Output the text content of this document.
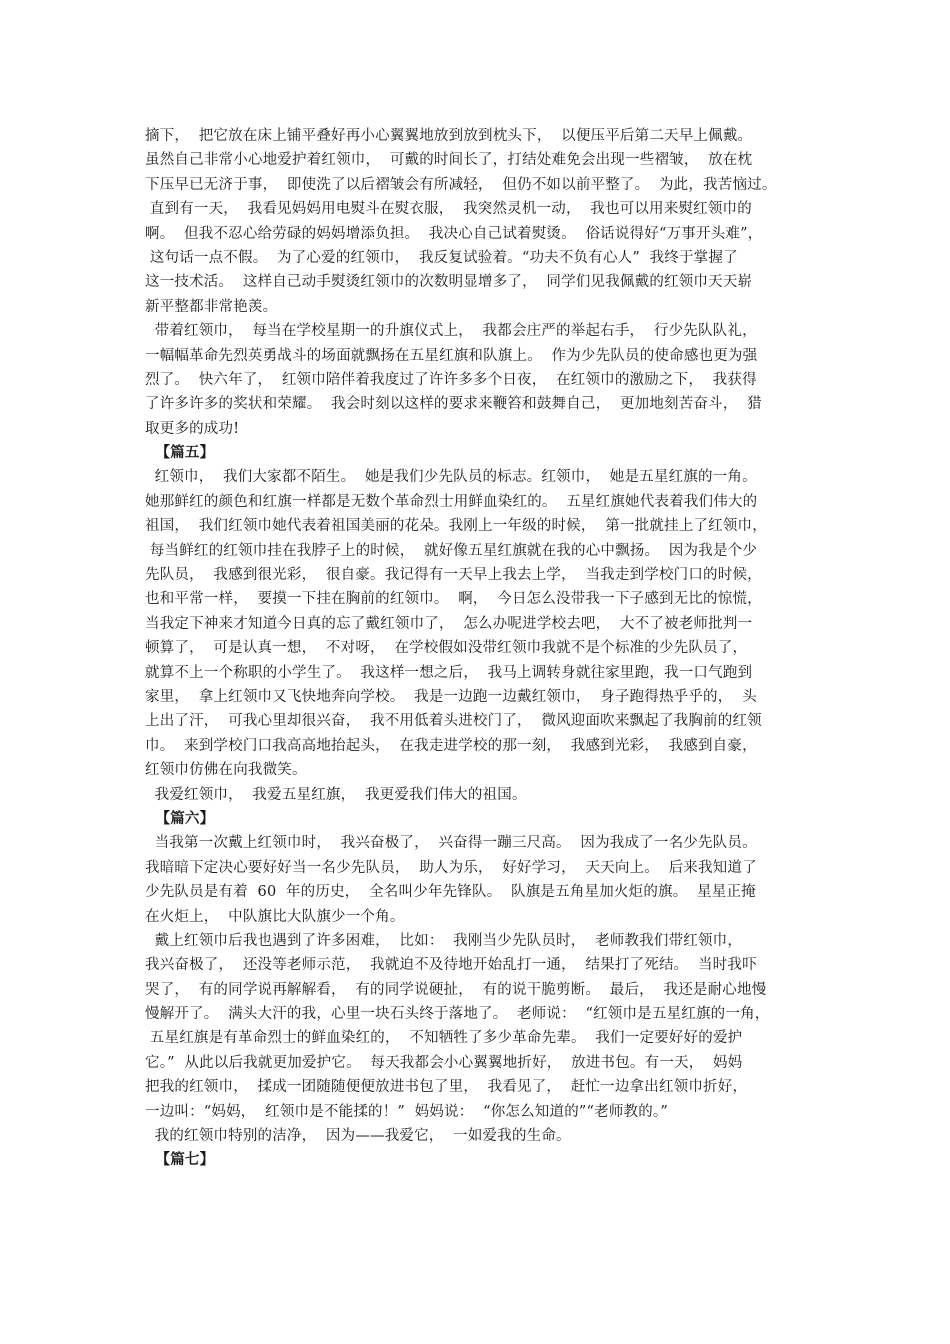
摘下，  把它放在床上铺平叠好再小心翼翼地放到放到枕头下，  以便压平后第二天早上佩戴。
虽然自己非常小心地爱护着红领巾，  可戴的时间长了，打结处难免会出现一些褶皱，  放在枕
下压早已无济于事，  即使洗了以后褶皱会有所减轻，  但仍不如以前平整了。  为此，我苦恼过。
直到有一天，  我看见妈妈用电熨斗在熨衣服，  我突然灵机一动，  我也可以用来熨红领巾的
啊。  但我不忍心给劳碌的妈妈增添负担。  我决心自己试着熨烫。  俗话说得好“万事开头难”，
这句话一点不假。  为了心爱的红领巾，  我反复试验着。“功夫不负有心人”  我终于掌握了
这一技术活。  这样自己动手熨烫红领巾的次数明显增多了，  同学们见我佩戴的红领巾天天崭
新平整都非常艳羡。
带着红领巾，  每当在学校星期一的升旗仪式上，  我都会庄严的举起右手，  行少先队队礼，
一幅幅革命先烈英勇战斗的场面就飘扬在五星红旗和队旗上。  作为少先队员的使命感也更为强
烈了。  快六年了，  红领巾陪伴着我度过了许许多多个日夜，  在红领巾的激励之下，  我获得
了许多许多的奖状和荣耀。  我会时刻以这样的要求来鞭笞和鼓舞自己，  更加地刻苦奋斗，  猎
取更多的成功!
【篇五】
红领巾，  我们大家都不陌生。  她是我们少先队员的标志。红领巾，  她是五星红旗的一角。
她那鲜红的颜色和红旗一样都是无数个革命烈士用鲜血染红的。  五星红旗她代表着我们伟大的
祖国，  我们红领巾她代表着祖国美丽的花朵。我刚上一年级的时候，  第一批就挂上了红领巾，
每当鲜红的红领巾挂在我脖子上的时候，  就好像五星红旗就在我的心中飘扬。  因为我是个少
先队员，  我感到很光彩，  很自豪。我记得有一天早上我去上学，  当我走到学校门口的时候，
也和平常一样，  要摸一下挂在胸前的红领巾。  啊，  今日怎么没带我一下子感到无比的惊慌，
当我定下神来才知道今日真的忘了戴红领巾了，  怎么办呢进学校去吧，  大不了被老师批判一
顿算了，  可是认真一想，  不对呀，  在学校假如没带红领巾我就不是个标准的少先队员了，
就算不上一个称职的小学生了。  我这样一想之后，  我马上调转身就往家里跑，我一口气跑到
家里，  拿上红领巾又飞快地奔向学校。  我是一边跑一边戴红领巾，  身子跑得热乎乎的，  头
上出了汗，  可我心里却很兴奋，  我不用低着头进校门了，  微风迎面吹来飘起了我胸前的红领
巾。  来到学校门口我高高地抬起头，  在我走进学校的那一刻，  我感到光彩，  我感到自豪，
红领巾仿佛在向我微笑。
我爱红领巾，  我爱五星红旗，  我更爱我们伟大的祖国。
【篇六】
当我第一次戴上红领巾时，  我兴奋极了，  兴奋得一蹦三尺高。  因为我成了一名少先队员。
我暗暗下定决心要好好当一名少先队员，  助人为乐，  好好学习，  天天向上。  后来我知道了
少先队员是有着  60  年的历史，  全名叫少年先锋队。  队旗是五角星加火炬的旗。  星星正掩
在火炬上，  中队旗比大队旗少一个角。
戴上红领巾后我也遇到了许多困难，  比如：  我刚当少先队员时，  老师教我们带红领巾，
我兴奋极了，  还没等老师示范，  我就迫不及待地开始乱打一通，  结果打了死结。  当时我吓
哭了，  有的同学说再解解看，  有的同学说硬扯，  有的说干脆剪断。  最后，  我还是耐心地慢
慢解开了。  满头大汗的我，心里一块石头终于落地了。  老师说：  “红领巾是五星红旗的一角，
五星红旗是有革命烈士的鲜血染红的，  不知牺牲了多少革命先辈。  我们一定要好好的爱护
它。”  从此以后我就更加爱护它。  每天我都会小心翼翼地折好，  放进书包。有一天，  妈妈
把我的红领巾，  揉成一团随随便便放进书包了里，  我看见了，  赶忙一边拿出红领巾折好，
一边叫：“妈妈，  红领巾是不能揉的！”  妈妈说：  “你怎么知道的”“老师教的。”
我的红领巾特别的洁净，  因为——我爱它，  一如爱我的生命。
【篇七】
